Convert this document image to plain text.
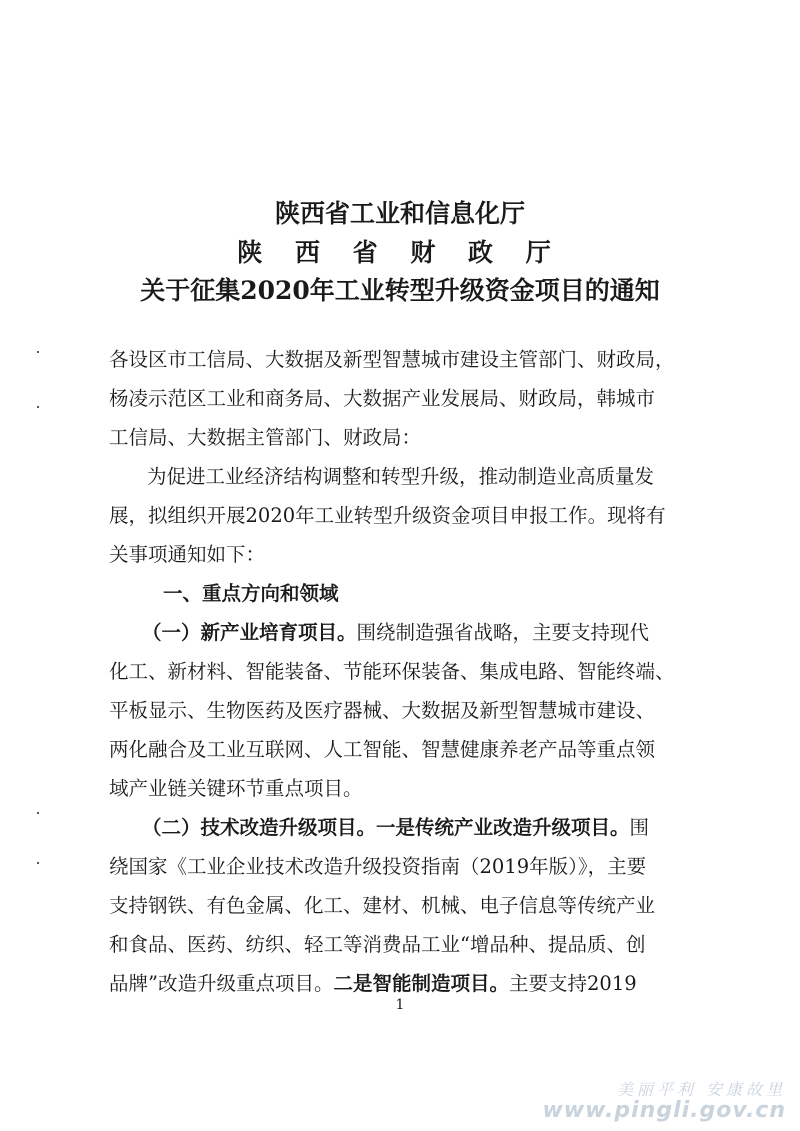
陕西省工业和信息化厅
陕 西 省 财 政 厅
关于征集2020年工业转型升级资金项目的通知
各设区市工信局、大数据及新型智慧城市建设主管部门、财政局，
杨凌示范区工业和商务局、大数据产业发展局、财政局，韩城市
工信局、大数据主管部门、财政局：
为促进工业经济结构调整和转型升级，推动制造业高质量发
展，拟组织开展2020年工业转型升级资金项目申报工作。现将有
关事项通知如下：
一、重点方向和领域
（一）新产业培育项目。围绕制造强省战略，主要支持现代
化工、新材料、智能装备、节能环保装备、集成电路、智能终端、
平板显示、生物医药及医疗器械、大数据及新型智慧城市建设、
两化融合及工业互联网、人工智能、智慧健康养老产品等重点领
域产业链关键环节重点项目。
（二）技术改造升级项目。一是传统产业改造升级项目。围
绕国家《工业企业技术改造升级投资指南（2019年版）》，主要
支持钢铁、有色金属、化工、建材、机械、电子信息等传统产业
和食品、医药、纺织、轻工等消费品工业“增品种、提品质、创
品牌”改造升级重点项目。二是智能制造项目。主要支持2019
1
美丽平利 安康故里
www.pingli.gov.cn
